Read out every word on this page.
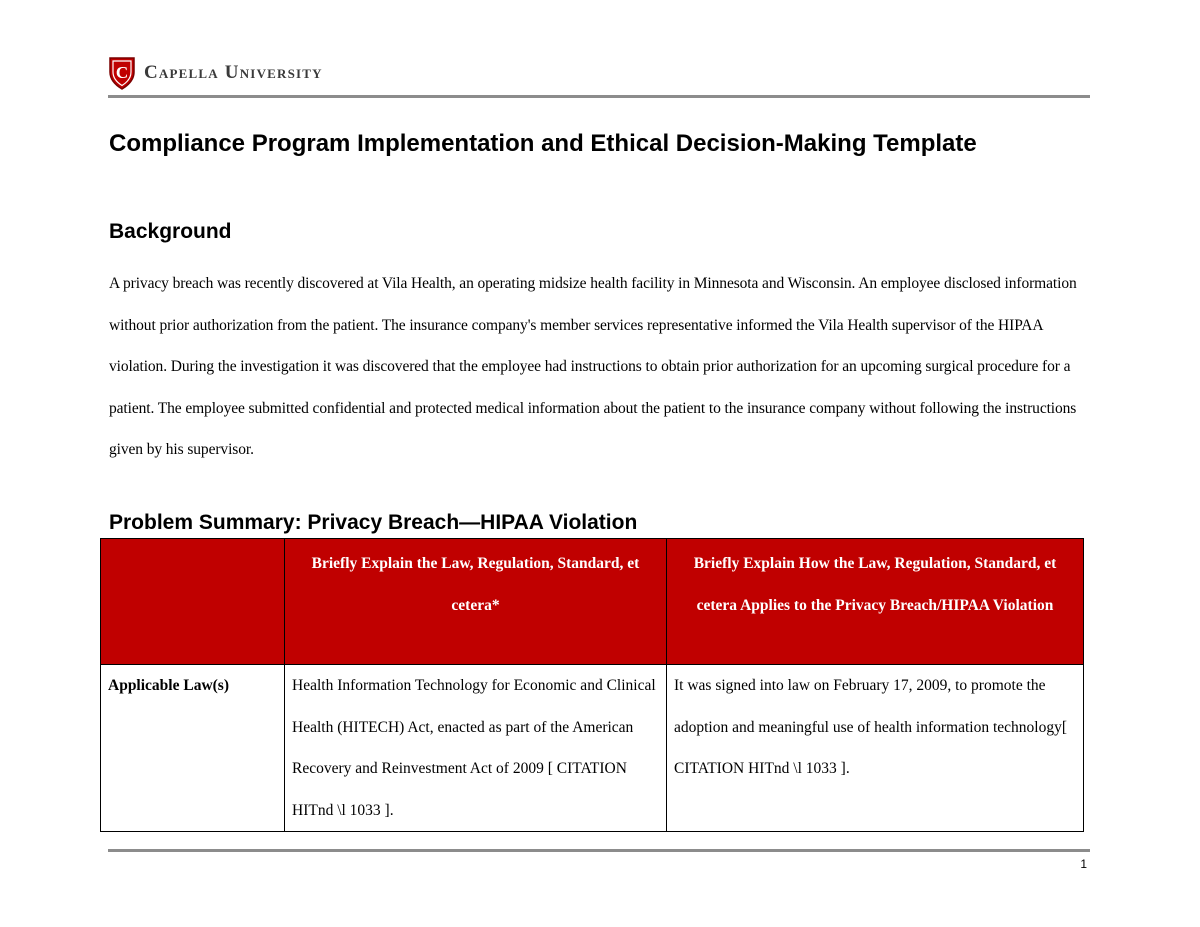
C Capella University
Compliance Program Implementation and Ethical Decision-Making Template
Background

A privacy breach was recently discovered at Vila Health, an operating midsize health facility in Minnesota and Wisconsin. An employee disclosed information without prior authorization from the patient. The insurance company's member services representative informed the Vila Health supervisor of the HIPAA violation. During the investigation it was discovered that the employee had instructions to obtain prior authorization for an upcoming surgical procedure for a patient. The employee submitted confidential and protected medical information about the patient to the insurance company without following the instructions given by his supervisor.

Problem Summary: Privacy Breach—HIPAA Violation

	Briefly Explain the Law, Regulation, Standard, et cetera*	Briefly Explain How the Law, Regulation, Standard, et cetera Applies to the Privacy Breach/HIPAA Violation

Applicable Law(s)	Health Information Technology for Economic and Clinical Health (HITECH) Act, enacted as part of the American Recovery and Reinvestment Act of 2009 [ CITATION HITnd \l 1033 ].	It was signed into law on February 17, 2009, to promote the adoption and meaningful use of health information technology[ CITATION HITnd \l 1033 ].
1
